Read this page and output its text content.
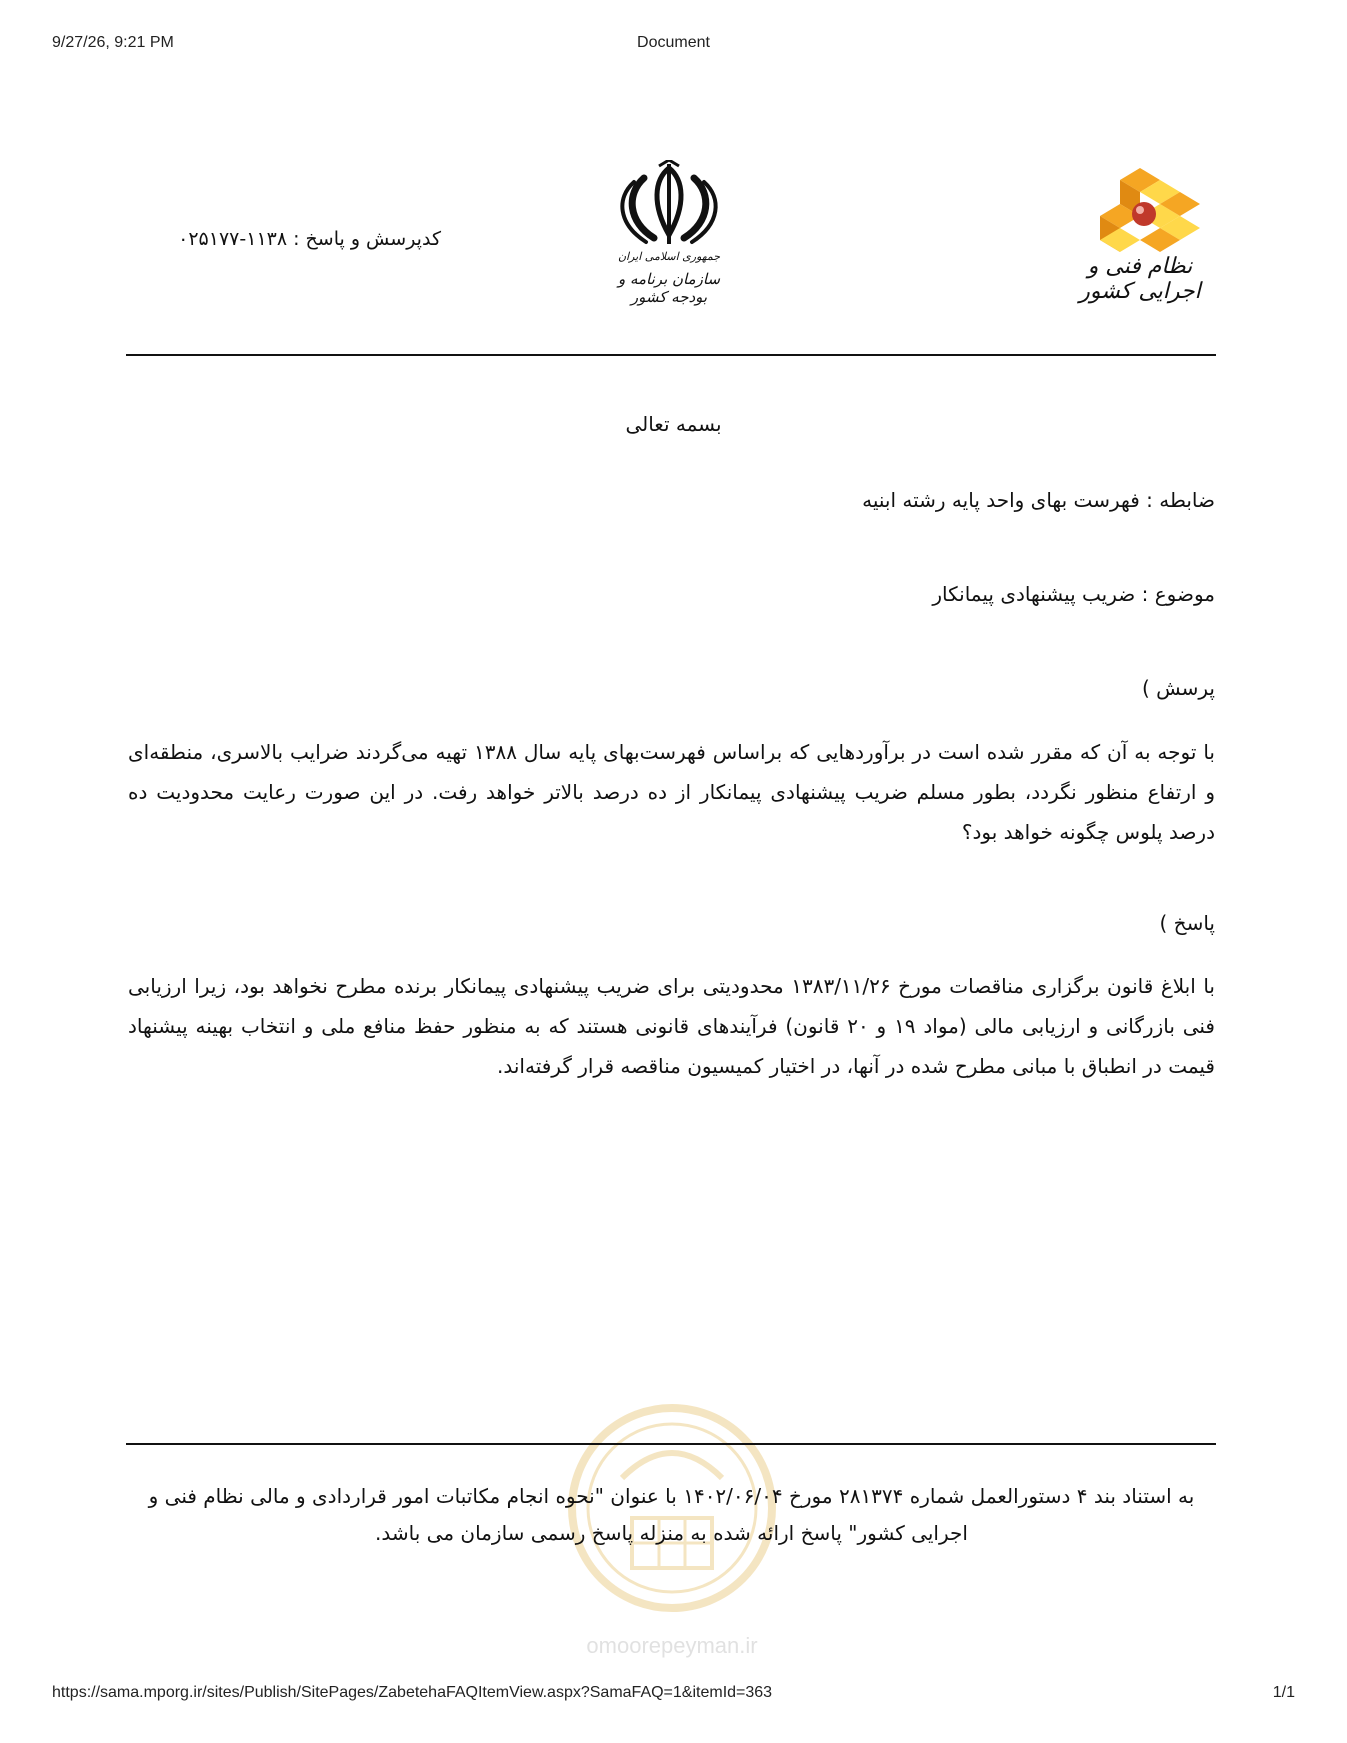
9/27/26, 9:21 PM	Document
کدپرسش و پاسخ : ۱۱۳۸-۰۲۵۱۷۷
جمهوری اسلامی ایران
سازمان برنامه و بودجه کشور
نظام فنی و اجرایی کشور
بسمه تعالی
ضابطه : فهرست بهای واحد پایه رشته ابنیه
موضوع : ضریب پیشنهادی پیمانکار
پرسش )
با توجه به آن که مقرر شده است در برآوردهایی که براساس فهرست‌بهای پایه سال ۱۳۸۸ تهیه می‌گردند ضرایب بالاسری، منطقه‌ای و ارتفاع منظور نگردد، بطور مسلم ضریب پیشنهادی پیمانکار از ده درصد بالاتر خواهد رفت. در این صورت رعایت محدودیت ده درصد پلوس چگونه خواهد بود؟
پاسخ )
با ابلاغ قانون برگزاری مناقصات مورخ ۱۳۸۳/۱۱/۲۶ محدودیتی برای ضریب پیشنهادی پیمانکار برنده مطرح نخواهد بود، زیرا ارزیابی فنی بازرگانی و ارزیابی مالی (مواد ۱۹ و ۲۰ قانون) فرآیندهای قانونی هستند که به منظور حفظ منافع ملی و انتخاب بهینه پیشنهاد قیمت در انطباق با مبانی مطرح شده در آنها، در اختیار کمیسیون مناقصه قرار گرفته‌اند.
omoorepeyman.ir
به استناد بند ۴ دستورالعمل شماره ۲۸۱۳۷۴ مورخ ۱۴۰۲/۰۶/۰۴ با عنوان "نحوه انجام مکاتبات امور قراردادی و مالی نظام فنی و اجرایی کشور" پاسخ ارائه شده به منزله پاسخ رسمی سازمان می باشد.
https://sama.mporg.ir/sites/Publish/SitePages/ZabetehaFAQItemView.aspx?SamaFAQ=1&itemId=363	1/1
